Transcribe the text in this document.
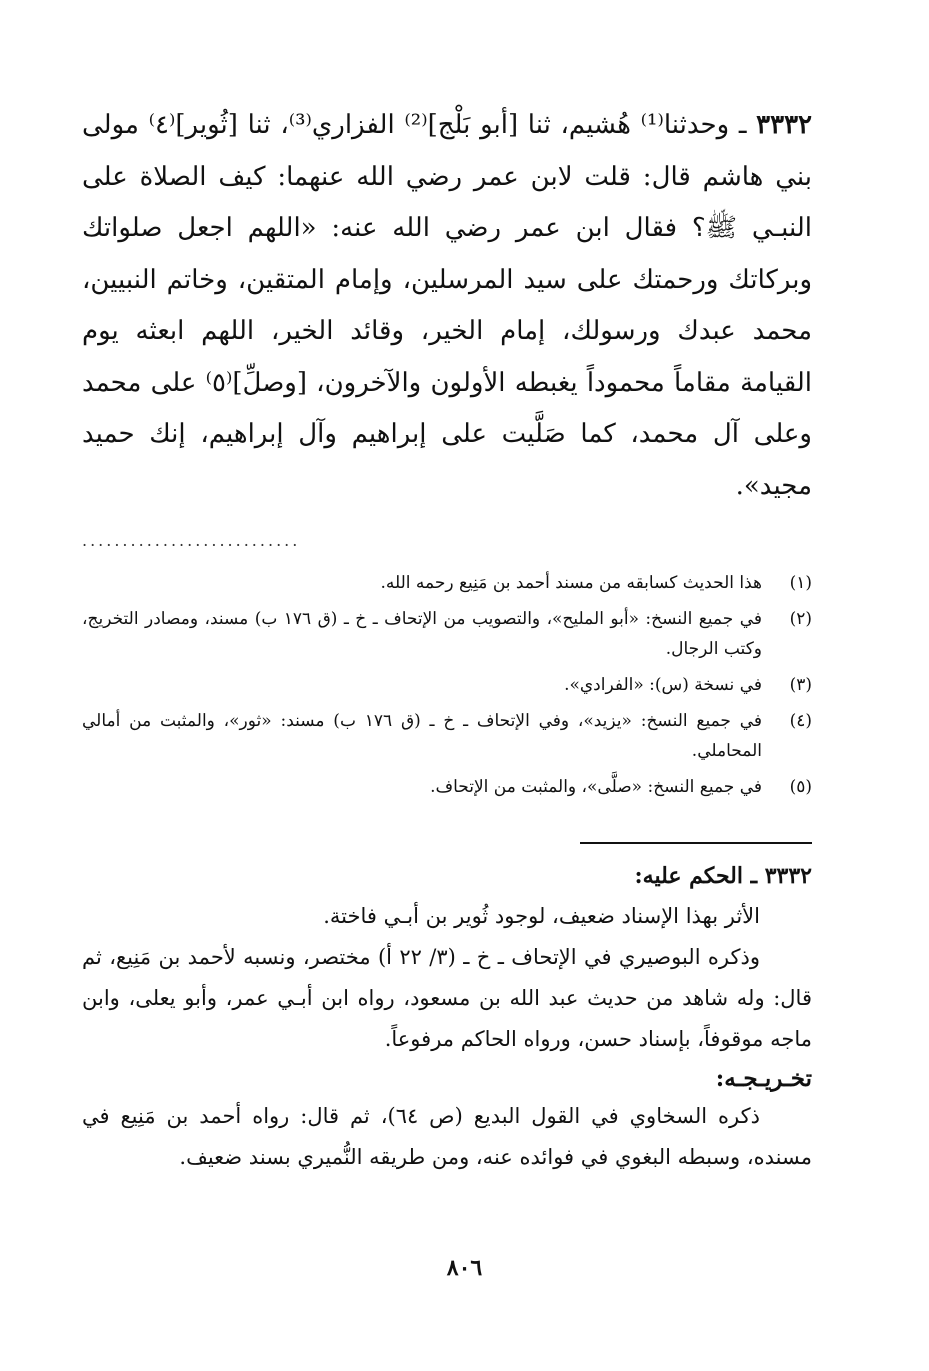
٣٣٣٢ ـ وحدثنا⁽¹⁾ هُشيم، ثنا [أبو بَلْج]⁽²⁾ الفزاري⁽³⁾، ثنا [ثُوير]⁽٤⁾ مولى بني هاشم قال: قلت لابن عمر رضي الله عنهما: كيف الصلاة على النبـي ﷺ؟ فقال ابن عمر رضي الله عنه: «اللهم اجعل صلواتك وبركاتك ورحمتك على سيد المرسلين، وإمام المتقين، وخاتم النبيين، محمد عبدك ورسولك، إمام الخير، وقائد الخير، اللهم ابعثه يوم القيامة مقاماً محموداً يغبطه الأولون والآخرون، [وصلِّ]⁽٥⁾ على محمد وعلى آل محمد، كما صَلَّيت على إبراهيم وآل إبراهيم، إنك حميد مجيد».

...........................
(١)
هذا الحديث كسابقه من مسند أحمد بن مَنِيع رحمه الله.
(٢)
في جميع النسخ: «أبو المليح»، والتصويب من الإتحاف ـ خ ـ (ق ١٧٦ ب) مسند، ومصادر التخريج، وكتب الرجال.
(٣)
في نسخة (س): «الفرادي».
(٤)
في جميع النسخ: «يزيد»، وفي الإتحاف ـ خ ـ (ق ١٧٦ ب) مسند: «ثور»، والمثبت من أمالي المحاملي.
(٥)
في جميع النسخ: «صلَّى»، والمثبت من الإتحاف.
٣٣٣٢ ـ الحكم عليه:

الأثر بهذا الإسناد ضعيف، لوجود ثُوير بن أبـي فاختة.

وذكره البوصيري في الإتحاف ـ خ ـ (٣/ ٢٢ أ) مختصر، ونسبه لأحمد بن مَنِيع، ثم قال: وله شاهد من حديث عبد الله بن مسعود، رواه ابن أبـي عمر، وأبو يعلى، وابن ماجه موقوفاً، بإسناد حسن، ورواه الحاكم مرفوعاً.

تخـريـجـه:

ذكره السخاوي في القول البديع (ص ٦٤)، ثم قال: رواه أحمد بن مَنِيع في مسنده، وسبطه البغوي في فوائده عنه، ومن طريقه النُّميري بسند ضعيف.

٨٠٦
